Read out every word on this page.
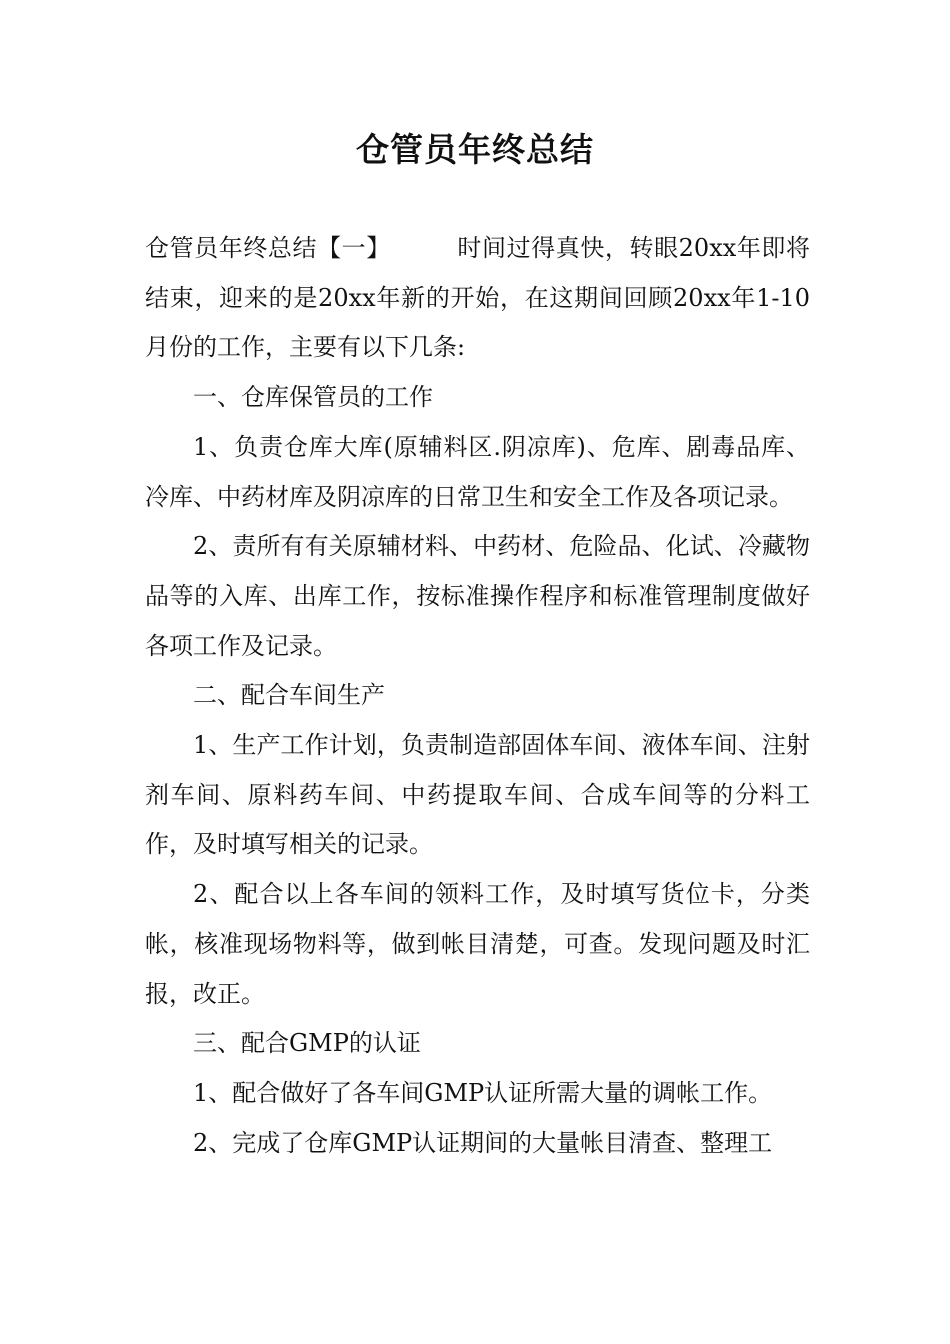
仓管员年终总结

仓管员年终总结【一】	时间过得真快，转眼20xx年即将结束，迎来的是20xx年新的开始，在这期间回顾20xx年1-10月份的工作，主要有以下几条:

一、仓库保管员的工作

1、负责仓库大库(原辅料区.阴凉库)、危库、剧毒品库、冷库、中药材库及阴凉库的日常卫生和安全工作及各项记录。

2、责所有有关原辅材料、中药材、危险品、化试、冷藏物品等的入库、出库工作，按标准操作程序和标准管理制度做好各项工作及记录。

二、配合车间生产

1、生产工作计划，负责制造部固体车间、液体车间、注射剂车间、原料药车间、中药提取车间、合成车间等的分料工作，及时填写相关的记录。

2、配合以上各车间的领料工作，及时填写货位卡，分类帐，核准现场物料等，做到帐目清楚，可查。发现问题及时汇报，改正。

三、配合GMP的认证

1、配合做好了各车间GMP认证所需大量的调帐工作。

2、完成了仓库GMP认证期间的大量帐目清查、整理工
